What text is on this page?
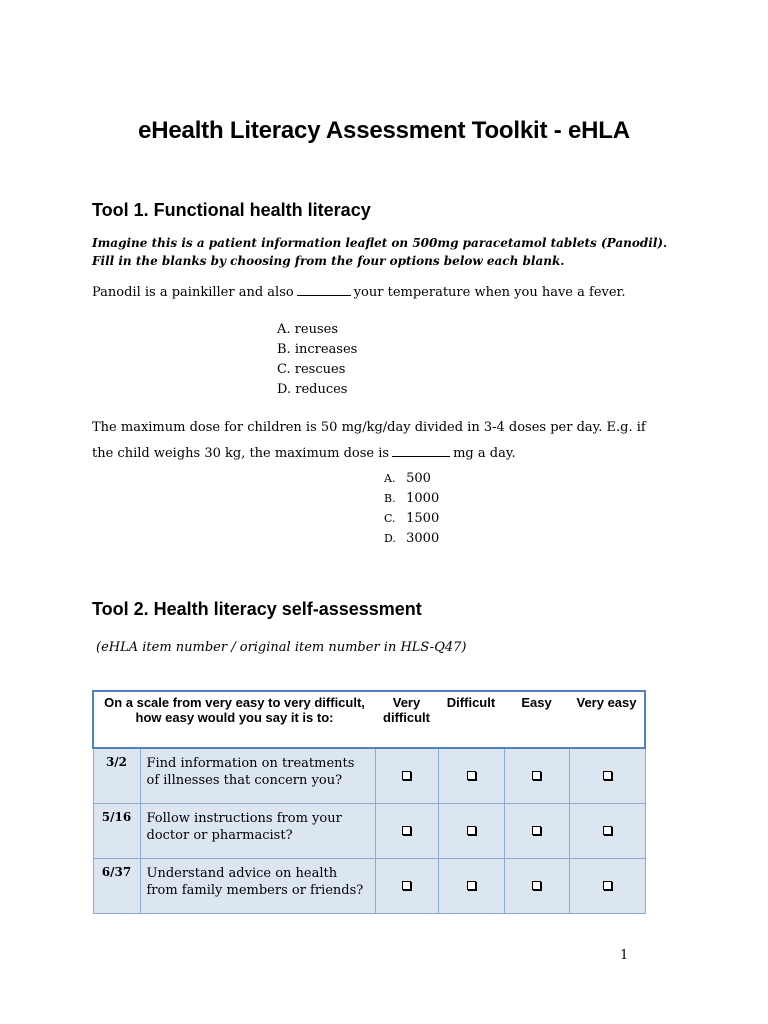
eHealth Literacy Assessment Toolkit - eHLA
Tool 1. Functional health literacy
Imagine this is a patient information leaflet on 500mg paracetamol tablets (Panodil).
Fill in the blanks by choosing from the four options below each blank.
Panodil is a painkiller and also	your temperature when you have a fever.
A. reuses
B. increases
C. rescues
D. reduces
The maximum dose for children is 50 mg/kg/day divided in 3-4 doses per day. E.g. if
the child weighs 30 kg, the maximum dose is	mg a day.
A. 500
B. 1000
C. 1500
D. 3000
Tool 2. Health literacy self-assessment
(eHLA item number / original item number in HLS-Q47)
On a scale from very easy to very difficult, how easy would you say it is to:		Very difficult	Difficult	Easy	Very easy
3/2	Find information on treatments of illnesses that concern you?				
5/16	Follow instructions from your doctor or pharmacist?				
6/37	Understand advice on health from family members or friends?				
1
